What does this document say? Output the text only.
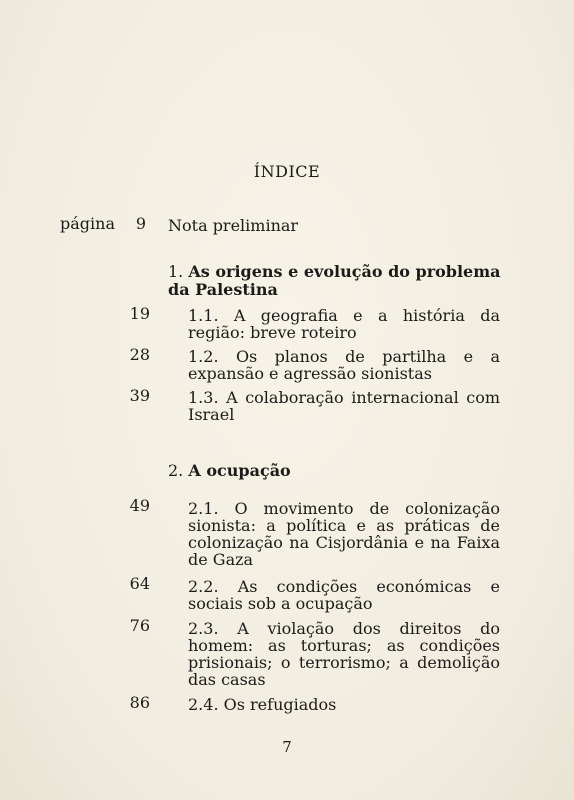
ÍNDICE
página	9 Nota preliminar
1. As origens e evolução do problema da Palestina
19 1.1. A geografia e a história da região: breve roteiro
28 1.2. Os planos de partilha e a expansão e agressão sionistas
39 1.3. A colaboração internacional com Israel
2. A ocupação
49 2.1. O movimento de colonização sionista: a política e as práticas de colonização na Cisjordânia e na Faixa de Gaza
64 2.2. As condições económicas e sociais sob a ocupação
76 2.3. A violação dos direitos do homem: as torturas; as condições prisionais; o terrorismo; a demolição das casas
86 2.4. Os refugiados
7
